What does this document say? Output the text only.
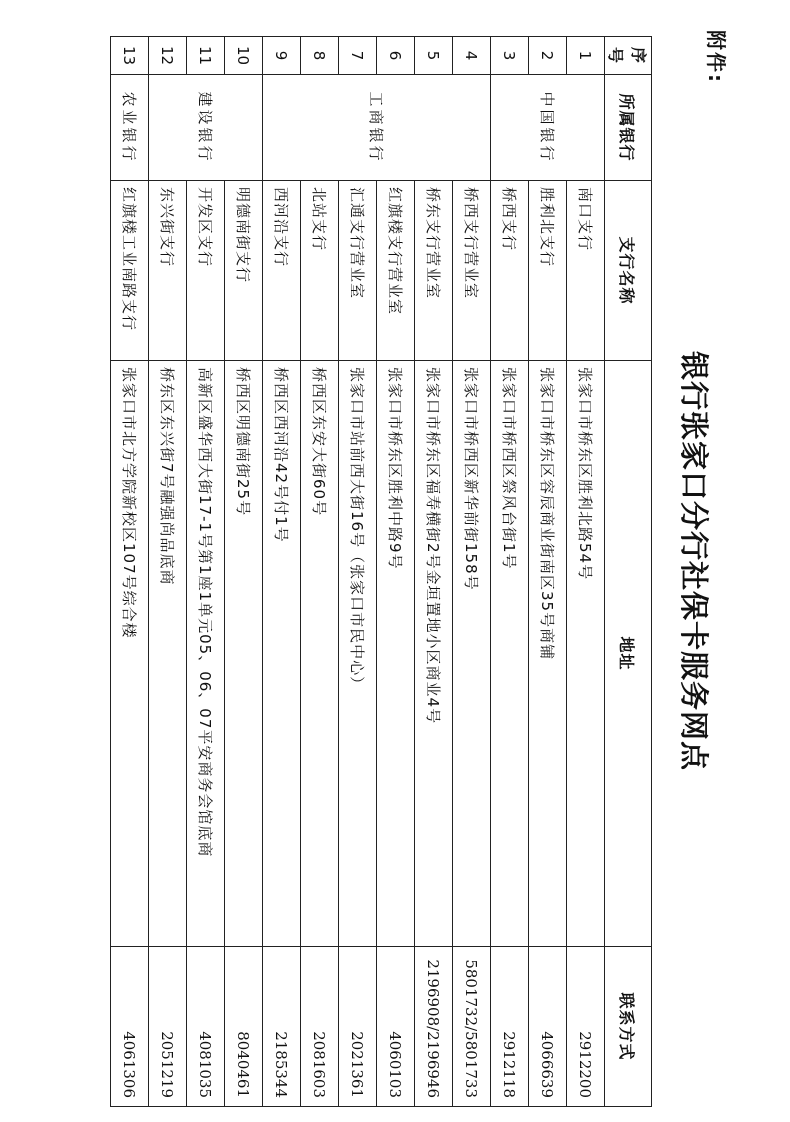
附件:
银行张家口分行社保卡服务网点
序号	所属银行	支行名称	地址	联系方式
1	中国银行	南口支行	张家口市桥东区胜利北路54号	2912200
2		胜利北支行	张家口市桥东区容辰商业街南区35号商铺	4066639
3		桥西支行	张家口市桥西区祭风台街1号	2912118
4	工商银行	桥西支行营业室	张家口市桥西区新华前街158号	5801732/5801733
5		桥东支行营业室	张家口市桥东区福寿横街2号金垣置地小区商业4号	2196908/2196946
6		红旗楼支行营业室	张家口市桥东区胜利中路9号	4060103
7		汇通支行营业室	张家口市站前西大街16号（张家口市民中心）	2021361
8		北站支行	桥西区东安大街60号	2081603
9		西河沿支行	桥西区西河沿42号付1号	2185344
10	建设银行	明德南街支行	桥西区明德南街25号	8040461
11		开发区支行	高新区盛华西大街17-1号第1座1单元05、06、07平安商务会馆底商	4081035
12		东兴街支行	桥东区东兴街7号融强尚品底商	2051219
13	农业银行	红旗楼工业南路支行	张家口市北方学院新校区107号综合楼	4061306
